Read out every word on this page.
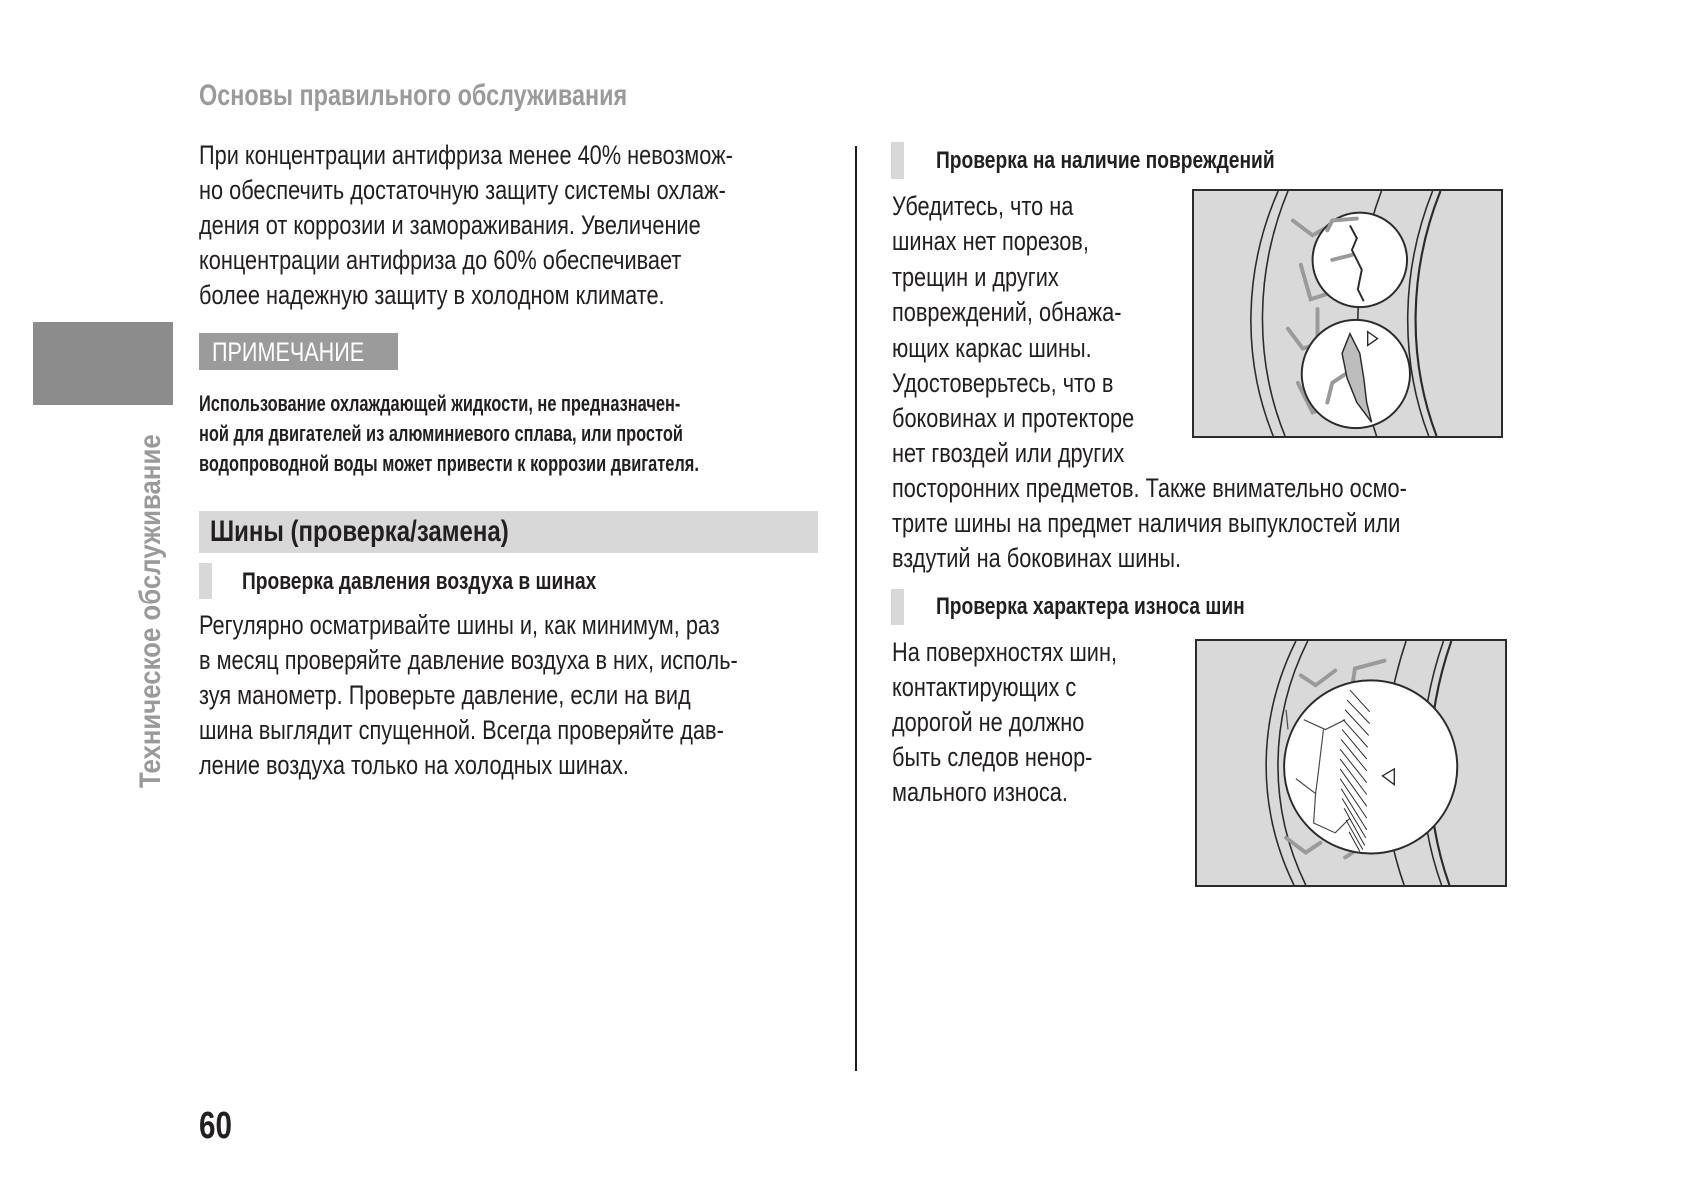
Основы правильного обслуживания
Техническое обслуживание
При концентрации антифриза менее 40% невозмож-
но обеспечить достаточную защиту системы охлаж-
дения от коррозии и замораживания. Увеличение
концентрации антифриза до 60% обеспечивает
более надежную защиту в холодном климате.
ПРИМЕЧАНИЕ
Использование охлаждающей жидкости, не предназначен-
ной для двигателей из алюминиевого сплава, или простой
водопроводной воды может привести к коррозии двигателя.
Шины (проверка/замена)
Проверка давления воздуха в шинах
Регулярно осматривайте шины и, как минимум, раз
в месяц проверяйте давление воздуха в них, исполь-
зуя манометр. Проверьте давление, если на вид
шина выглядит спущенной. Всегда проверяйте дав-
ление воздуха только на холодных шинах.
Проверка на наличие повреждений
Убедитесь, что на
шинах нет порезов,
трещин и других
повреждений, обнажа-
ющих каркас шины.
Удостоверьтесь, что в
боковинах и протекторе
нет гвоздей или других
посторонних предметов. Также внимательно осмо-
трите шины на предмет наличия выпуклостей или
вздутий на боковинах шины.
Проверка характера износа шин
На поверхностях шин,
контактирующих с
дорогой не должно
быть следов ненор-
мального износа.
60
